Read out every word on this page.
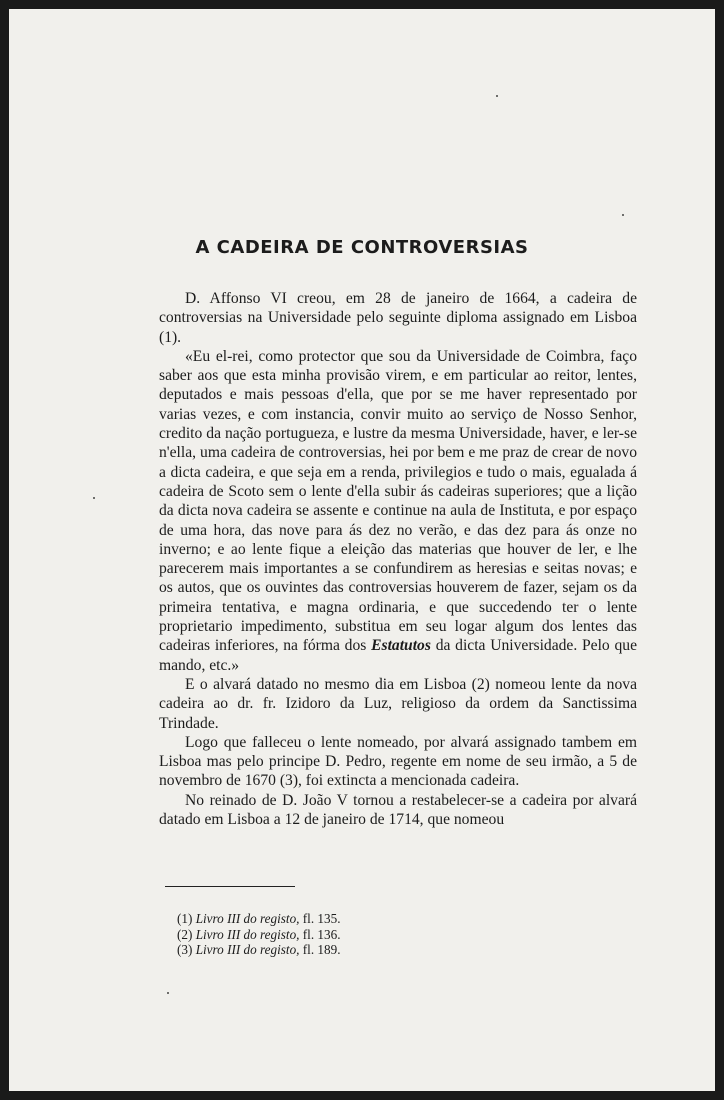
A CADEIRA DE CONTROVERSIAS

D. Affonso VI creou, em 28 de janeiro de 1664, a cadeira de controversias na Universidade pelo seguinte diploma assignado em Lisboa (1).

«Eu el-rei, como protector que sou da Universidade de Coimbra, faço saber aos que esta minha provisão virem, e em particular ao reitor, lentes, deputados e mais pessoas d'ella, que por se me haver representado por varias vezes, e com instancia, convir muito ao serviço de Nosso Senhor, credito da nação portugueza, e lustre da mesma Universidade, haver, e ler-se n'ella, uma cadeira de controversias, hei por bem e me praz de crear de novo a dicta cadeira, e que seja em a renda, privilegios e tudo o mais, egualada á cadeira de Scoto sem o lente d'ella subir ás cadeiras superiores; que a lição da dicta nova cadeira se assente e continue na aula de Instituta, e por espaço de uma hora, das nove para ás dez no verão, e das dez para ás onze no inverno; e ao lente fique a eleição das materias que houver de ler, e lhe parecerem mais importantes a se confundirem as heresias e seitas novas; e os autos, que os ouvintes das controversias houverem de fazer, sejam os da primeira tentativa, e magna ordinaria, e que succedendo ter o lente proprietario impedimento, substitua em seu logar algum dos lentes das cadeiras inferiores, na fórma dos Estatutos da dicta Universidade. Pelo que mando, etc.»

E o alvará datado no mesmo dia em Lisboa (2) nomeou lente da nova cadeira ao dr. fr. Izidoro da Luz, religioso da ordem da Sanctissima Trindade.

Logo que falleceu o lente nomeado, por alvará assignado tambem em Lisboa mas pelo principe D. Pedro, regente em nome de seu irmão, a 5 de novembro de 1670 (3), foi extincta a mencionada cadeira.

No reinado de D. João V tornou a restabelecer-se a cadeira por alvará datado em Lisboa a 12 de janeiro de 1714, que nomeou

(1) Livro III do registo, fl. 135.
(2) Livro III do registo, fl. 136.
(3) Livro III do registo, fl. 189.
